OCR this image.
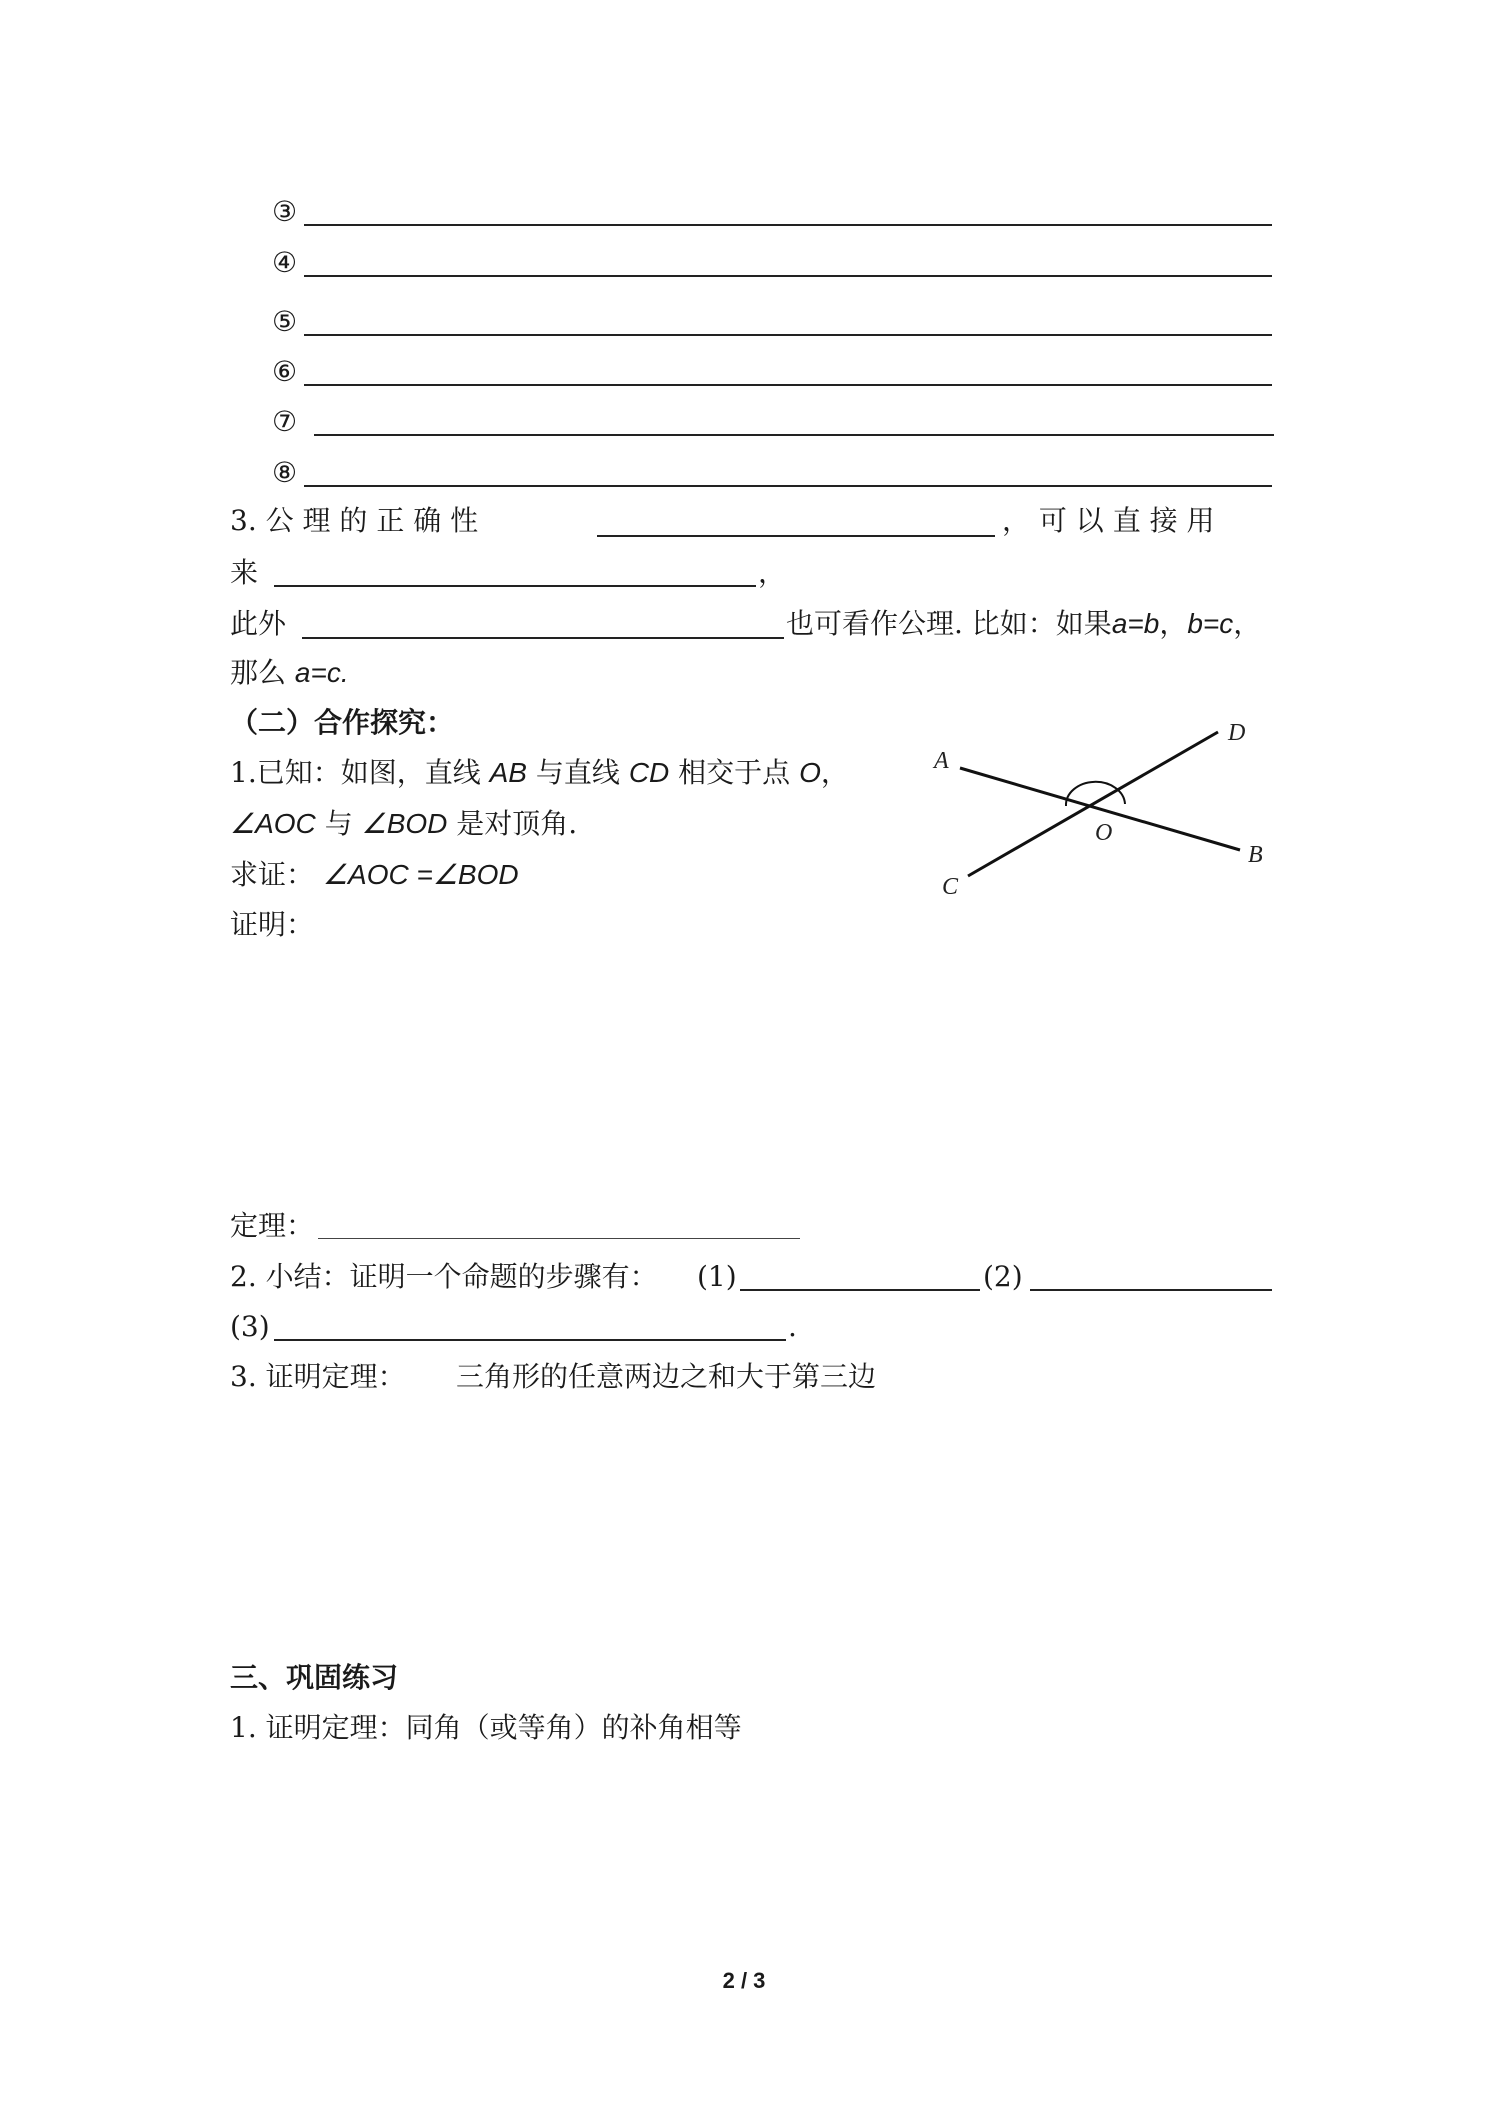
③
④
⑤
⑥
⑦
⑧
3. 公 理 的 正 确 性	， 可 以 直 接 用
来	，
此外	也可看作公理. 比如：如果a=b，b=c，
那么 a=c.
（二）合作探究：
1.已知：如图，直线 AB 与直线 CD 相交于点 O，
∠AOC 与 ∠BOD 是对顶角.
求证： ∠AOC =∠BOD
证明：
A
D
O
B
C
定理：
2. 小结：证明一个命题的步骤有： (1)	(2)
(3)	.
3. 证明定理： 三角形的任意两边之和大于第三边
三、巩固练习
1. 证明定理：同角（或等角）的补角相等
2 / 3
